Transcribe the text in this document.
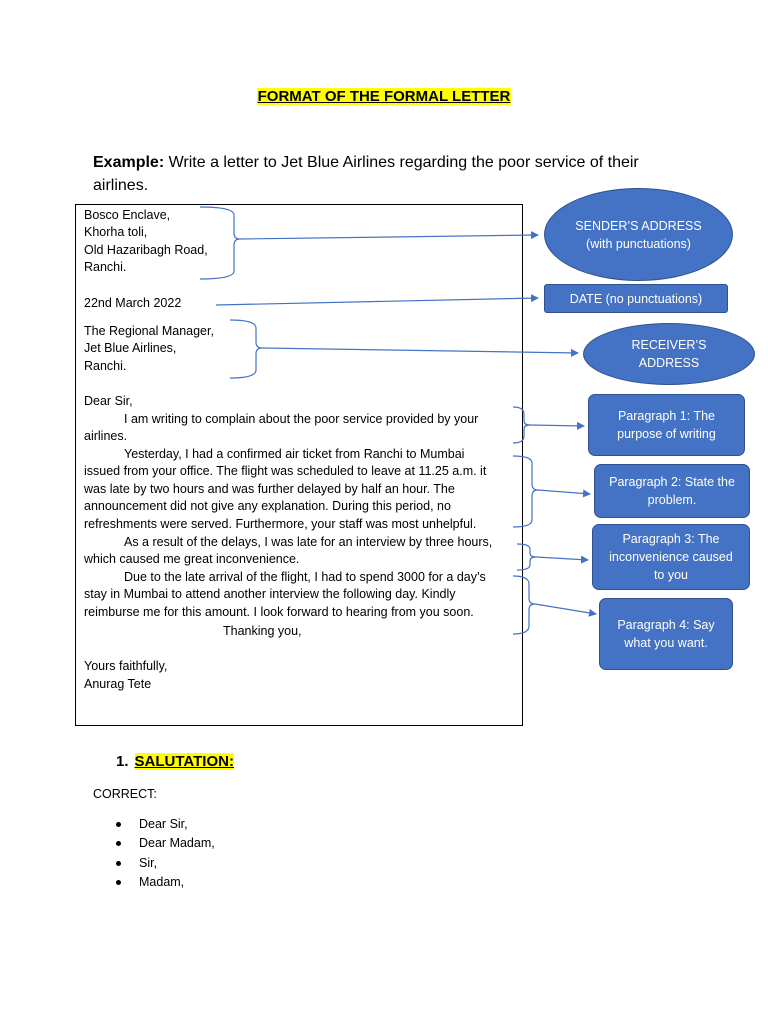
FORMAT OF THE FORMAL LETTER
Example: Write a letter to Jet Blue Airlines regarding the poor service of their
airlines.
Bosco Enclave,
Khorha toli,
Old Hazaribagh Road,
Ranchi.
22nd March 2022
The Regional Manager,
Jet Blue Airlines,
Ranchi.
Dear Sir,
I am writing to complain about the poor service provided by your airlines.
Yesterday, I had a confirmed air ticket from Ranchi to Mumbai issued from your office. The flight was scheduled to leave at 11.25 a.m. it was late by two hours and was further delayed by half an hour. The announcement did not give any explanation. During this period, no refreshments were served. Furthermore, your staff was most unhelpful.
As a result of the delays, I was late for an interview by three hours, which caused me great inconvenience.
Due to the late arrival of the flight, I had to spend 3000 for a day’s stay in Mumbai to attend another interview the following day. Kindly reimburse me for this amount. I look forward to hearing from you soon.
Thanking you,
Yours faithfully,
Anurag Tete
SENDER’S ADDRESS
(with punctuations)
DATE (no punctuations)
RECEIVER’S
ADDRESS
Paragraph 1: The
purpose of writing
Paragraph 2: State the
problem.
Paragraph 3: The
inconvenience caused
to you
Paragraph 4: Say
what you want.
1. SALUTATION:
CORRECT:
Dear Sir,
Dear Madam,
Sir,
Madam,
